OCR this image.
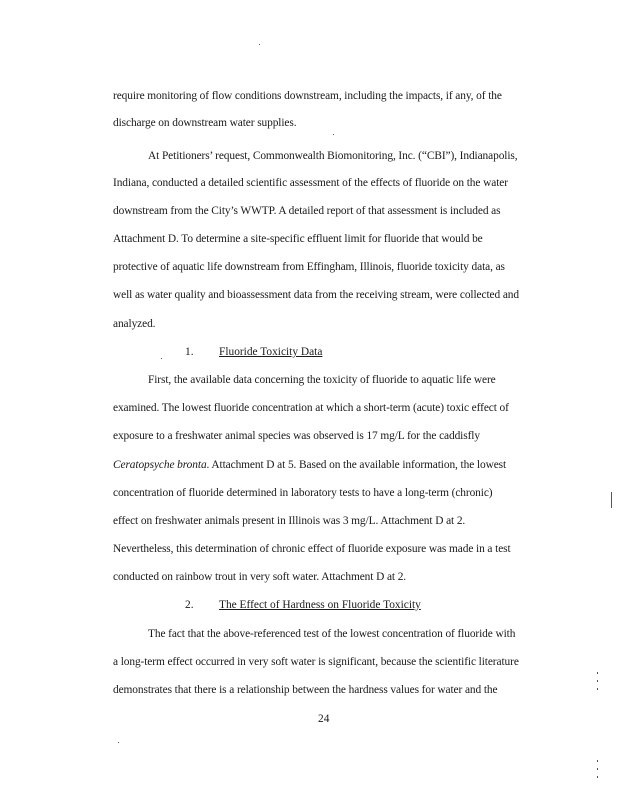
require monitoring of flow conditions downstream, including the impacts, if any, of the
discharge on downstream water supplies.
At Petitioners’ request, Commonwealth Biomonitoring, Inc. (“CBI”), Indianapolis,
Indiana, conducted a detailed scientific assessment of the effects of fluoride on the water
downstream from the City’s WWTP. A detailed report of that assessment is included as
Attachment D. To determine a site-specific effluent limit for fluoride that would be
protective of aquatic life downstream from Effingham, Illinois, fluoride toxicity data, as
well as water quality and bioassessment data from the receiving stream, were collected and
analyzed.
1. Fluoride Toxicity Data
First, the available data concerning the toxicity of fluoride to aquatic life were
examined. The lowest fluoride concentration at which a short-term (acute) toxic effect of
exposure to a freshwater animal species was observed is 17 mg/L for the caddisfly
Ceratopsyche bronta. Attachment D at 5. Based on the available information, the lowest
concentration of fluoride determined in laboratory tests to have a long-term (chronic)
effect on freshwater animals present in Illinois was 3 mg/L. Attachment D at 2.
Nevertheless, this determination of chronic effect of fluoride exposure was made in a test
conducted on rainbow trout in very soft water. Attachment D at 2.
2. The Effect of Hardness on Fluoride Toxicity
The fact that the above-referenced test of the lowest concentration of fluoride with
a long-term effect occurred in very soft water is significant, because the scientific literature
demonstrates that there is a relationship between the hardness values for water and the
24
